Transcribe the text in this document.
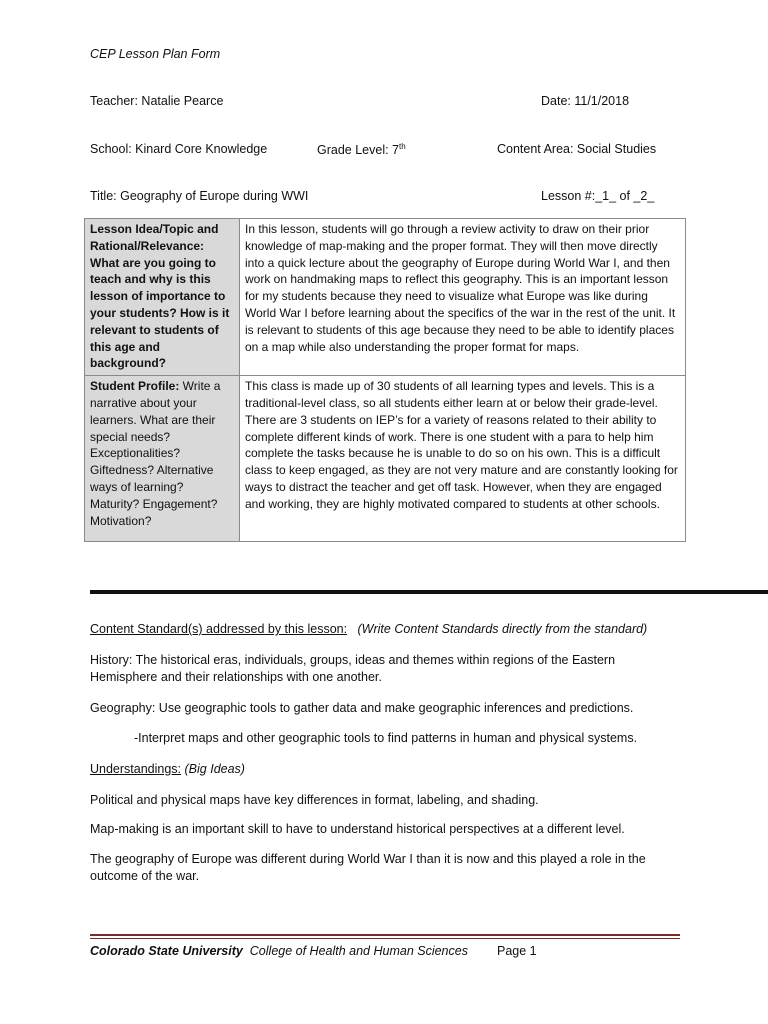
CEP Lesson Plan Form
Teacher: Natalie Pearce	Date: 11/1/2018
School: Kinard Core Knowledge	Grade Level: 7th	Content Area: Social Studies
Title: Geography of Europe during WWI	Lesson #:_1_ of _2_
Lesson Idea/Topic and Rational/Relevance: What are you going to teach and why is this lesson of importance to your students? How is it relevant to students of this age and background?	In this lesson, students will go through a review activity to draw on their prior knowledge of map-making and the proper format. They will then move directly into a quick lecture about the geography of Europe during World War I, and then work on handmaking maps to reflect this geography. This is an important lesson for my students because they need to visualize what Europe was like during World War I before learning about the specifics of the war in the rest of the unit. It is relevant to students of this age because they need to be able to identify places on a map while also understanding the proper format for maps.
Student Profile: Write a narrative about your learners. What are their special needs? Exceptionalities? Giftedness? Alternative ways of learning? Maturity? Engagement? Motivation?	This class is made up of 30 students of all learning types and levels. This is a traditional-level class, so all students either learn at or below their grade-level. There are 3 students on IEP’s for a variety of reasons related to their ability to complete different kinds of work. There is one student with a para to help him complete the tasks because he is unable to do so on his own. This is a difficult class to keep engaged, as they are not very mature and are constantly looking for ways to distract the teacher and get off task. However, when they are engaged and working, they are highly motivated compared to students at other schools.
Content Standard(s) addressed by this lesson: (Write Content Standards directly from the standard)
History: The historical eras, individuals, groups, ideas and themes within regions of the Eastern Hemisphere and their relationships with one another.
Geography: Use geographic tools to gather data and make geographic inferences and predictions.
-Interpret maps and other geographic tools to find patterns in human and physical systems.
Understandings: (Big Ideas)
Political and physical maps have key differences in format, labeling, and shading.
Map-making is an important skill to have to understand historical perspectives at a different level.
The geography of Europe was different during World War I than it is now and this played a role in the outcome of the war.
Colorado State University College of Health and Human Sciences Page 1
